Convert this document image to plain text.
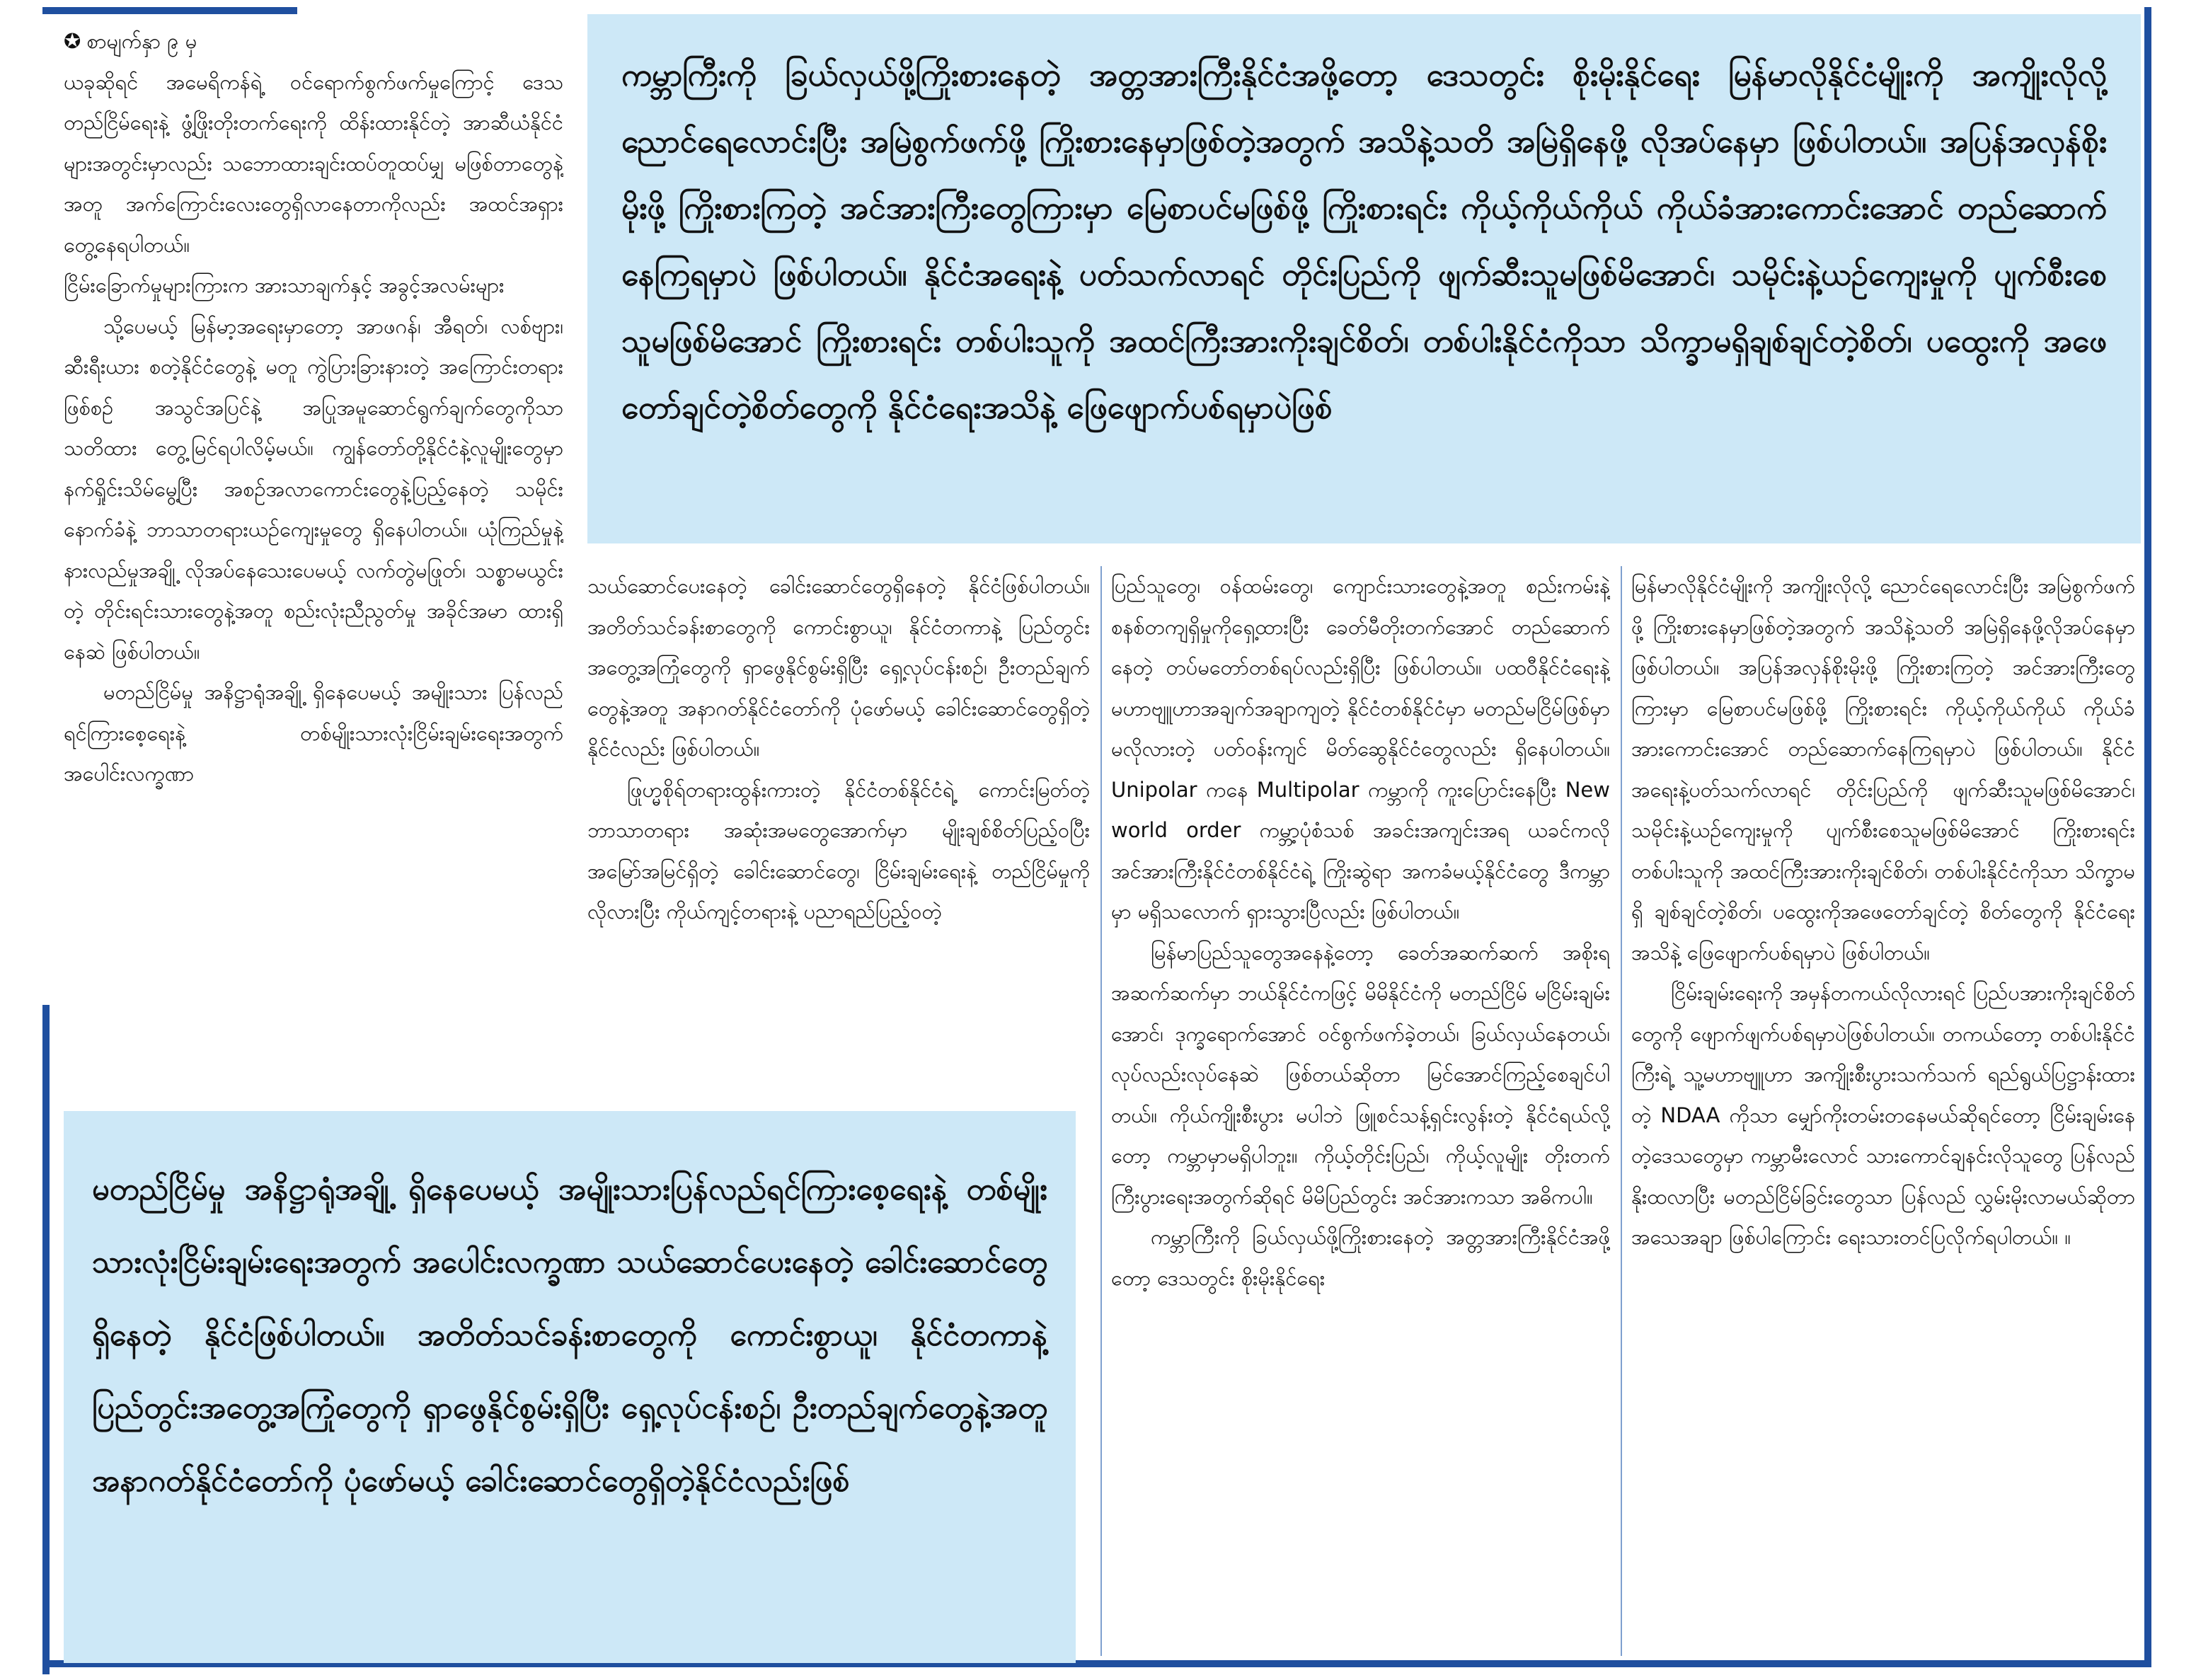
✪ စာမျက်နှာ ၉ မှ

ယခုဆိုရင် အမေရိကန်ရဲ့ ဝင်ရောက်စွက်ဖက်မှုကြောင့် ဒေသတည်ငြိမ်ရေးနဲ့ ဖွံ့ဖြိုးတိုးတက်ရေးကို ထိန်းထားနိုင်တဲ့ အာဆီယံနိုင်ငံများအတွင်းမှာလည်း သဘောထားချင်းထပ်တူထပ်မျှ မဖြစ်တာတွေနဲ့အတူ အက်ကြောင်းလေးတွေရှိလာနေတာကိုလည်း အထင်အရှား တွေ့နေရပါတယ်။

ငြိမ်းခြောက်မှုများကြားက အားသာချက်နှင့် အခွင့်အလမ်းများ

သို့ပေမယ့် မြန်မာ့အရေးမှာတော့ အာဖဂန်၊ အီရတ်၊ လစ်ဗျား၊ ဆီးရီးယား စတဲ့နိုင်ငံတွေနဲ့ မတူ ကွဲပြားခြားနားတဲ့ အကြောင်းတရားဖြစ်စဉ် အသွင်အပြင်နဲ့ အပြုအမူဆောင်ရွက်ချက်တွေကိုသာ သတိထား တွေ့မြင်ရပါလိမ့်မယ်။ ကျွန်တော်တို့နိုင်ငံနဲ့လူမျိုးတွေမှာ နက်ရှိုင်းသိမ်မွေ့ပြီး အစဉ်အလာကောင်းတွေနဲ့ပြည့်နေတဲ့ သမိုင်းနောက်ခံနဲ့ ဘာသာတရားယဉ်ကျေးမှုတွေ ရှိနေပါတယ်။ ယုံကြည်မှုနဲ့ နားလည်မှုအချို့ လိုအပ်နေသေးပေမယ့် လက်တွဲမဖြုတ်၊ သစ္စာမယွင်းတဲ့ တိုင်းရင်းသားတွေနဲ့အတူ စည်းလုံးညီညွတ်မှု အခိုင်အမာ ထားရှိနေဆဲ ဖြစ်ပါတယ်။

မတည်ငြိမ်မှု အနိဋ္ဌာရုံအချို့ ရှိနေပေမယ့် အမျိုးသား ပြန်လည်ရင်ကြားစေ့ရေးနဲ့ တစ်မျိုးသားလုံးငြိမ်းချမ်းရေးအတွက် အပေါင်းလက္ခဏာ

ကမ္ဘာကြီးကို ခြယ်လှယ်ဖို့ကြိုးစားနေတဲ့ အတ္တအားကြီးနိုင်ငံအဖို့တော့ ဒေသတွင်း စိုးမိုးနိုင်ရေး မြန်မာလိုနိုင်ငံမျိုးကို အကျိုးလိုလို့ ညောင်ရေလောင်းပြီး အမြဲစွက်ဖက်ဖို့ ကြိုးစားနေမှာဖြစ်တဲ့အတွက် အသိနဲ့သတိ အမြဲရှိနေဖို့ လိုအပ်နေမှာ ဖြစ်ပါတယ်။ အပြန်အလှန်စိုးမိုးဖို့ ကြိုးစားကြတဲ့ အင်အားကြီးတွေကြားမှာ မြေစာပင်မဖြစ်ဖို့ ကြိုးစားရင်း ကိုယ့်ကိုယ်ကိုယ် ကိုယ်ခံအားကောင်းအောင် တည်ဆောက်နေကြရမှာပဲ ဖြစ်ပါတယ်။ နိုင်ငံအရေးနဲ့ ပတ်သက်လာရင် တိုင်းပြည်ကို ဖျက်ဆီးသူမဖြစ်မိအောင်၊ သမိုင်းနဲ့ယဉ်ကျေးမှုကို ပျက်စီးစေသူမဖြစ်မိအောင် ကြိုးစားရင်း တစ်ပါးသူကို အထင်ကြီးအားကိုးချင်စိတ်၊ တစ်ပါးနိုင်ငံကိုသာ သိက္ခာမရှိချစ်ချင်တဲ့စိတ်၊ ပထွေးကို အဖေတော်ချင်တဲ့စိတ်တွေကို နိုင်ငံရေးအသိနဲ့ ဖြေဖျောက်ပစ်ရမှာပဲဖြစ်

သယ်ဆောင်ပေးနေတဲ့ ခေါင်းဆောင်တွေရှိနေတဲ့ နိုင်ငံဖြစ်ပါတယ်။ အတိတ်သင်ခန်းစာတွေကို ကောင်းစွာယူ၊ နိုင်ငံတကာနဲ့ ပြည်တွင်းအတွေ့အကြုံတွေကို ရှာဖွေနိုင်စွမ်းရှိပြီး ရှေ့လုပ်ငန်းစဉ်၊ ဦးတည်ချက်တွေနဲ့အတူ အနာဂတ်နိုင်ငံတော်ကို ပုံဖော်မယ့် ခေါင်းဆောင်တွေရှိတဲ့နိုင်ငံလည်း ဖြစ်ပါတယ်။

ဖြုဟ္မစိုရ်တရားထွန်းကားတဲ့ နိုင်ငံတစ်နိုင်ငံရဲ့ ကောင်းမြတ်တဲ့ဘာသာတရား အဆုံးအမတွေအောက်မှာ မျိုးချစ်စိတ်ပြည့်ဝပြီး အမြော်အမြင်ရှိတဲ့ ခေါင်းဆောင်တွေ၊ ငြိမ်းချမ်းရေးနဲ့ တည်ငြိမ်မှုကို လိုလားပြီး ကိုယ်ကျင့်တရားနဲ့ ပညာရည်ပြည့်ဝတဲ့

ပြည်သူတွေ၊ ဝန်ထမ်းတွေ၊ ကျောင်းသားတွေနဲ့အတူ စည်းကမ်းနဲ့ စနစ်တကျရှိမှုကိုရှေ့ထားပြီး ခေတ်မီတိုးတက်အောင် တည်ဆောက်နေတဲ့ တပ်မတော်တစ်ရပ်လည်းရှိပြီး ဖြစ်ပါတယ်။ ပထဝီနိုင်ငံရေးနဲ့ မဟာဗျူဟာအချက်အချာကျတဲ့ နိုင်ငံတစ်နိုင်ငံမှာ မတည်မငြိမ်ဖြစ်မှာ မလိုလားတဲ့ ပတ်ဝန်းကျင် မိတ်ဆွေနိုင်ငံတွေလည်း ရှိနေပါတယ်။ Unipolar ကနေ Multipolar ကမ္ဘာကို ကူးပြောင်းနေပြီး New world order ကမ္ဘာ့ပုံစံသစ် အခင်းအကျင်းအရ ယခင်ကလို အင်အားကြီးနိုင်ငံတစ်နိုင်ငံရဲ့ ကြိုးဆွဲရာ အကခံမယ့်နိုင်ငံတွေ ဒီကမ္ဘာမှာ မရှိသလောက် ရှားသွားပြီလည်း ဖြစ်ပါတယ်။

မြန်မာပြည်သူတွေအနေနဲ့တော့ ခေတ်အဆက်ဆက် အစိုးရအဆက်ဆက်မှာ ဘယ်နိုင်ငံကဖြင့် မိမိနိုင်ငံကို မတည်ငြိမ် မငြိမ်းချမ်းအောင်၊ ဒုက္ခရောက်အောင် ဝင်စွက်ဖက်ခဲ့တယ်၊ ခြယ်လှယ်နေတယ်၊ လုပ်လည်းလုပ်နေဆဲ ဖြစ်တယ်ဆိုတာ မြင်အောင်ကြည့်စေချင်ပါတယ်။ ကိုယ်ကျိုးစီးပွား မပါဘဲ ဖြူစင်သန့်ရှင်းလွန်းတဲ့ နိုင်ငံရယ်လို့တော့ ကမ္ဘာမှာမရှိပါဘူး။ ကိုယ့်တိုင်းပြည်၊ ကိုယ့်လူမျိုး တိုးတက်ကြီးပွားရေးအတွက်ဆိုရင် မိမိပြည်တွင်း အင်အားကသာ အဓိကပါ။

ကမ္ဘာကြီးကို ခြယ်လှယ်ဖို့ကြိုးစားနေတဲ့ အတ္တအားကြီးနိုင်ငံအဖို့တော့ ဒေသတွင်း စိုးမိုးနိုင်ရေး

မြန်မာလိုနိုင်ငံမျိုးကို အကျိုးလိုလို့ ညောင်ရေလောင်းပြီး အမြဲစွက်ဖက်ဖို့ ကြိုးစားနေမှာဖြစ်တဲ့အတွက် အသိနဲ့သတိ အမြဲရှိနေဖို့လိုအပ်နေမှာဖြစ်ပါတယ်။ အပြန်အလှန်စိုးမိုးဖို့ ကြိုးစားကြတဲ့ အင်အားကြီးတွေကြားမှာ မြေစာပင်မဖြစ်ဖို့ ကြိုးစားရင်း ကိုယ့်ကိုယ်ကိုယ် ကိုယ်ခံအားကောင်းအောင် တည်ဆောက်နေကြရမှာပဲ ဖြစ်ပါတယ်။ နိုင်ငံအရေးနဲ့ပတ်သက်လာရင် တိုင်းပြည်ကို ဖျက်ဆီးသူမဖြစ်မိအောင်၊ သမိုင်းနဲ့ယဉ်ကျေးမှုကို ပျက်စီးစေသူမဖြစ်မိအောင် ကြိုးစားရင်း တစ်ပါးသူကို အထင်ကြီးအားကိုးချင်စိတ်၊ တစ်ပါးနိုင်ငံကိုသာ သိက္ခာမရှိ ချစ်ချင်တဲ့စိတ်၊ ပထွေးကိုအဖေတော်ချင်တဲ့ စိတ်တွေကို နိုင်ငံရေးအသိနဲ့ ဖြေဖျောက်ပစ်ရမှာပဲ ဖြစ်ပါတယ်။

ငြိမ်းချမ်းရေးကို အမှန်တကယ်လိုလားရင် ပြည်ပအားကိုးချင်စိတ်တွေကို ဖျောက်ဖျက်ပစ်ရမှာပဲဖြစ်ပါတယ်။ တကယ်တော့ တစ်ပါးနိုင်ငံကြီးရဲ့ သူ့မဟာဗျူဟာ အကျိုးစီးပွားသက်သက် ရည်ရွယ်ပြဋ္ဌာန်းထားတဲ့ NDAA ကိုသာ မျှော်ကိုးတမ်းတနေမယ်ဆိုရင်တော့ ငြိမ်းချမ်းနေတဲ့ဒေသတွေမှာ ကမ္ဘာမီးလောင် သားကောင်ချနင်းလိုသူတွေ ပြန်လည်နိုးထလာပြီး မတည်ငြိမ်ခြင်းတွေသာ ပြန်လည် လွှမ်းမိုးလာမယ်ဆိုတာ အသေအချာ ဖြစ်ပါကြောင်း ရေးသားတင်ပြလိုက်ရပါတယ်။ ။

မတည်ငြိမ်မှု အနိဋ္ဌာရုံအချို့ ရှိနေပေမယ့် အမျိုးသားပြန်လည်ရင်ကြားစေ့ရေးနဲ့ တစ်မျိုးသားလုံးငြိမ်းချမ်းရေးအတွက် အပေါင်းလက္ခဏာ သယ်ဆောင်ပေးနေတဲ့ ခေါင်းဆောင်တွေရှိနေတဲ့ နိုင်ငံဖြစ်ပါတယ်။ အတိတ်သင်ခန်းစာတွေကို ကောင်းစွာယူ၊ နိုင်ငံတကာနဲ့ ပြည်တွင်းအတွေ့အကြုံတွေကို ရှာဖွေနိုင်စွမ်းရှိပြီး ရှေ့လုပ်ငန်းစဉ်၊ ဦးတည်ချက်တွေနဲ့အတူ အနာဂတ်နိုင်ငံတော်ကို ပုံဖော်မယ့် ခေါင်းဆောင်တွေရှိတဲ့နိုင်ငံလည်းဖြစ်
